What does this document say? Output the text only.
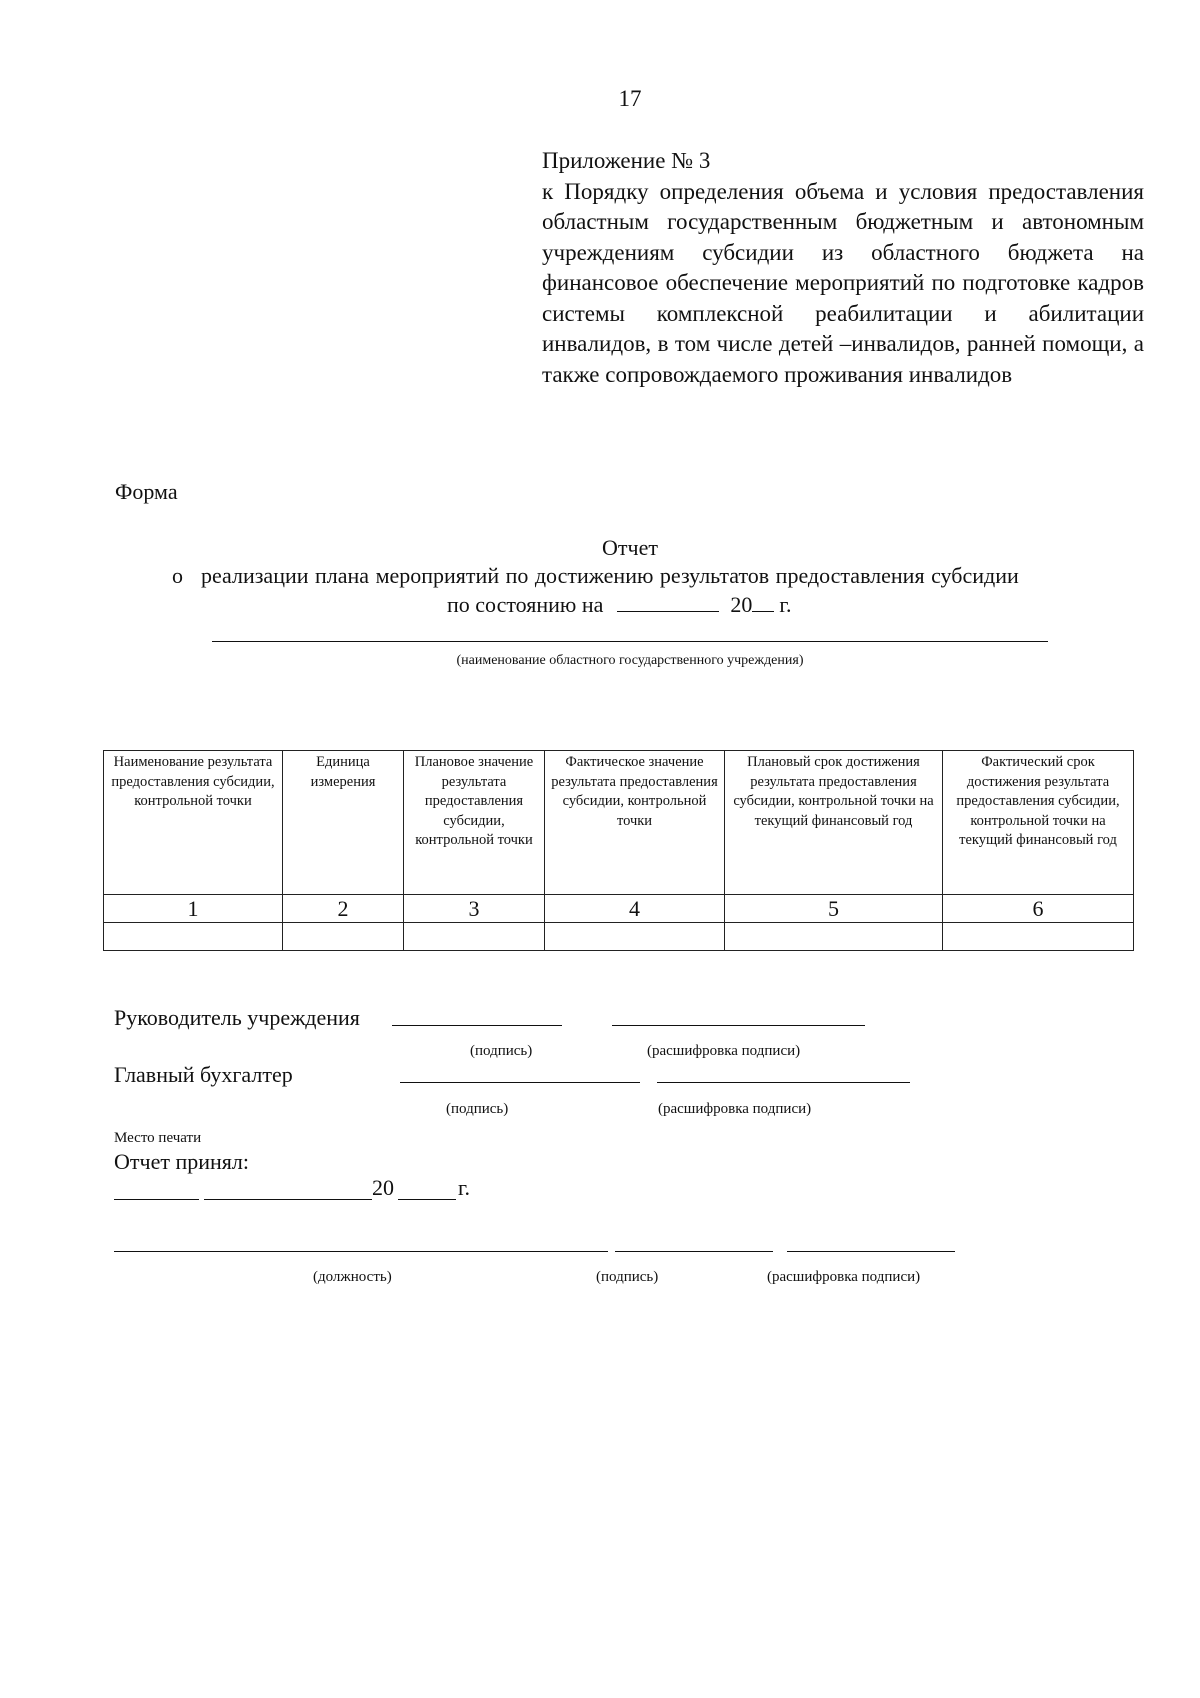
17
Приложение № 3
к Порядку определения объема и условия предоставления областным государственным бюджетным и автономным учреждениям субсидии из областного бюджета на финансовое обеспечение мероприятий по подготовке кадров системы комплексной реабилитации и абилитации инвалидов, в том числе детей –инвалидов, ранней помощи, а также сопровождаемого проживания инвалидов
Форма
Отчет
о реализации плана мероприятий по достижению результатов предоставления субсидии
по состоянию на	20 г.
(наименование областного государственного учреждения)
Наименование результата предоставления субсидии, контрольной точки	Единица измерения	Плановое значение результата предоставления субсидии, контрольной точки	Фактическое значение результата предоставления субсидии, контрольной точки	Плановый срок достижения результата предоставления субсидии, контрольной точки на текущий финансовый год	Фактический срок достижения результата предоставления субсидии, контрольной точки на текущий финансовый год
1	2	3	4	5	6

Руководитель учреждения
(подпись)	(расшифровка подписи)
Главный бухгалтер
(подпись)	(расшифровка подписи)
Место печати
Отчет принял:
20	г.
(должность)	(подпись)	(расшифровка подписи)
